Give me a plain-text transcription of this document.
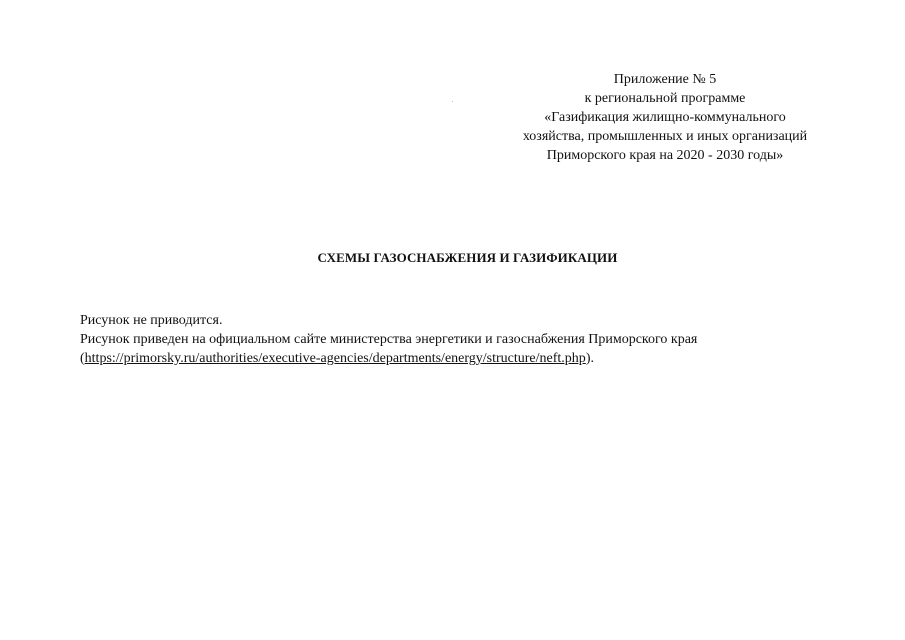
Приложение № 5
к региональной программе
«Газификация жилищно-коммунального
хозяйства, промышленных и иных организаций
Приморского края на 2020 - 2030 годы»
СХЕМЫ ГАЗОСНАБЖЕНИЯ И ГАЗИФИКАЦИИ
Рисунок не приводится.
Рисунок приведен на официальном сайте министерства энергетики и газоснабжения Приморского края
(https://primorsky.ru/authorities/executive-agencies/departments/energy/structure/neft.php).
